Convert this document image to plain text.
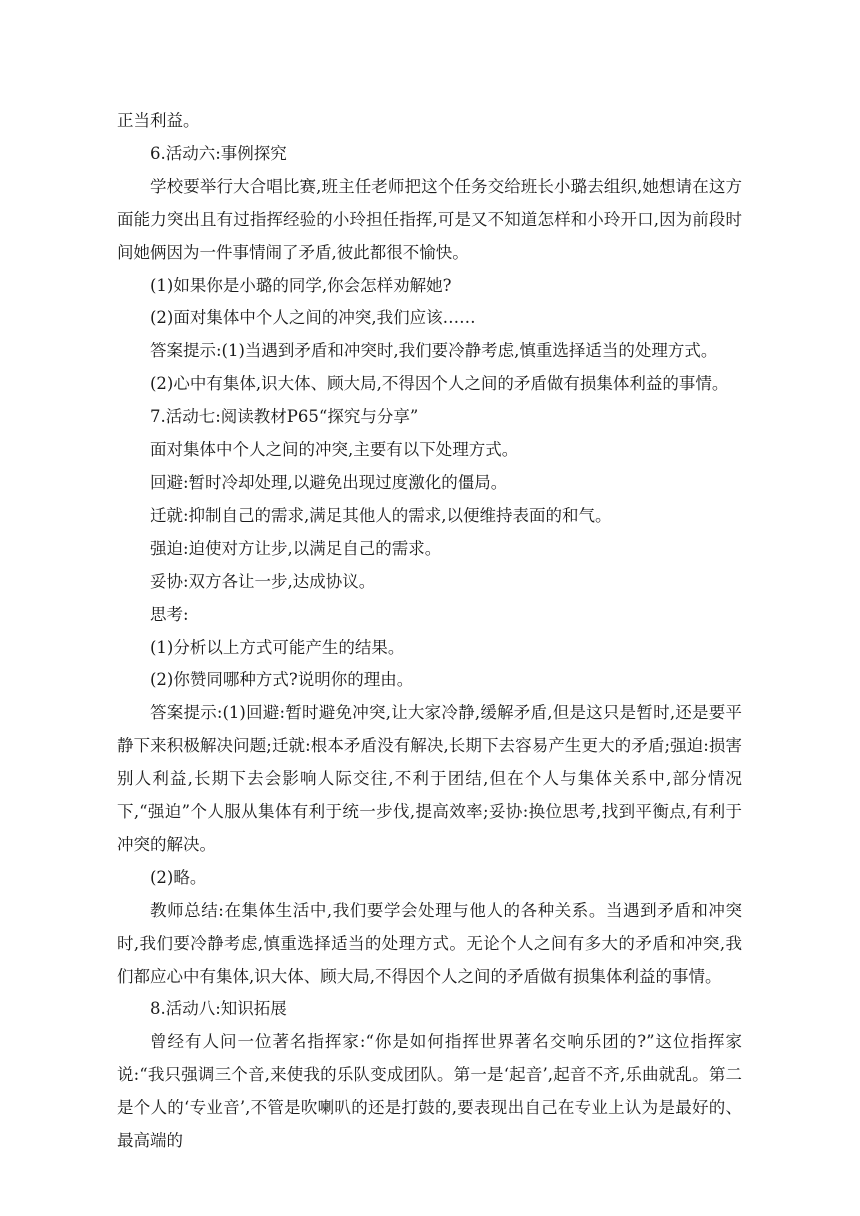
正当利益。

6.活动六:事例探究

学校要举行大合唱比赛,班主任老师把这个任务交给班长小璐去组织,她想请在这方面能力突出且有过指挥经验的小玲担任指挥,可是又不知道怎样和小玲开口,因为前段时间她俩因为一件事情闹了矛盾,彼此都很不愉快。

(1)如果你是小璐的同学,你会怎样劝解她?

(2)面对集体中个人之间的冲突,我们应该……

答案提示:(1)当遇到矛盾和冲突时,我们要冷静考虑,慎重选择适当的处理方式。

(2)心中有集体,识大体、顾大局,不得因个人之间的矛盾做有损集体利益的事情。

7.活动七:阅读教材P65“探究与分享”

面对集体中个人之间的冲突,主要有以下处理方式。

回避:暂时冷却处理,以避免出现过度激化的僵局。

迁就:抑制自己的需求,满足其他人的需求,以便维持表面的和气。

强迫:迫使对方让步,以满足自己的需求。

妥协:双方各让一步,达成协议。

思考:

(1)分析以上方式可能产生的结果。

(2)你赞同哪种方式?说明你的理由。

答案提示:(1)回避:暂时避免冲突,让大家冷静,缓解矛盾,但是这只是暂时,还是要平静下来积极解决问题;迁就:根本矛盾没有解决,长期下去容易产生更大的矛盾;强迫:损害别人利益,长期下去会影响人际交往,不利于团结,但在个人与集体关系中,部分情况下,“强迫”个人服从集体有利于统一步伐,提高效率;妥协:换位思考,找到平衡点,有利于冲突的解决。

(2)略。

教师总结:在集体生活中,我们要学会处理与他人的各种关系。当遇到矛盾和冲突时,我们要冷静考虑,慎重选择适当的处理方式。无论个人之间有多大的矛盾和冲突,我们都应心中有集体,识大体、顾大局,不得因个人之间的矛盾做有损集体利益的事情。

8.活动八:知识拓展

曾经有人问一位著名指挥家:“你是如何指挥世界著名交响乐团的?”这位指挥家说:“我只强调三个音,来使我的乐队变成团队。第一是‘起音’,起音不齐,乐曲就乱。第二是个人的‘专业音’,不管是吹喇叭的还是打鼓的,要表现出自己在专业上认为是最好的、最高端的
